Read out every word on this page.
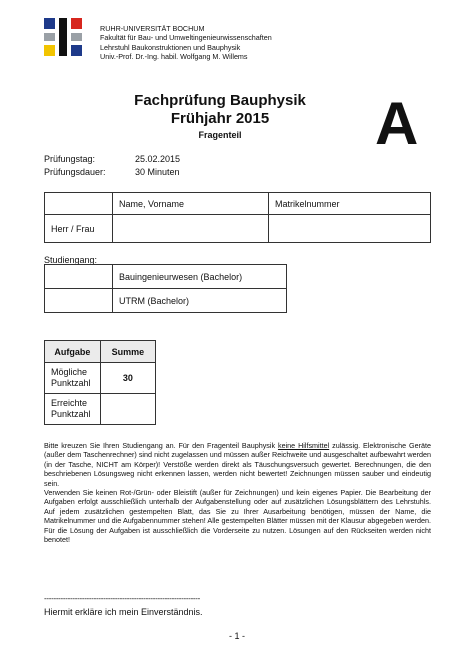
RUHR-UNIVERSITÄT BOCHUM
Fakultät für Bau- und Umweltingenieurwissenschaften
Lehrstuhl Baukonstruktionen und Bauphysik
Univ.-Prof. Dr.-Ing. habil. Wolfgang M. Willems
Fachprüfung Bauphysik
Frühjahr 2015
Fragenteil	A
Prüfungstag:	25.02.2015
Prüfungsdauer:	30 Minuten
	Name, Vorname	Matrikelnummer
Herr / Frau		
Studiengang:
	Bauingenieurwesen (Bachelor)
	UTRM (Bachelor)
Aufgabe	Summe

Mögliche
Punktzahl	30

Erreichte
Punktzahl	

Bitte kreuzen Sie Ihren Studiengang an. Für den Fragenteil Bauphysik keine Hilfsmittel zulässig. Elektronische Geräte (außer dem Taschenrechner) sind nicht zugelassen und müssen außer Reichweite und ausgeschaltet aufbewahrt werden (in der Tasche, NICHT am Körper)! Verstöße werden direkt als Täuschungsversuch gewertet. Berechnungen, die den beschriebenen Lösungsweg nicht erkennen lassen, werden nicht bewertet! Zeichnungen müssen sauber und eindeutig sein.

Verwenden Sie keinen Rot-/Grün- oder Bleistift (außer für Zeichnungen) und kein eigenes Papier. Die Bearbeitung der Aufgaben erfolgt ausschließlich unterhalb der Aufgabenstellung oder auf zusätzlichen Lösungsblättern des Lehrstuhls. Auf jedem zusätzlichen gestempelten Blatt, das Sie zu Ihrer Ausarbeitung benötigen, müssen der Name, die Matrikelnummer und die Aufgabennummer stehen! Alle gestempelten Blätter müssen mit der Klausur abgegeben werden. Für die Lösung der Aufgaben ist ausschließlich die Vorderseite zu nutzen. Lösungen auf den Rückseiten werden nicht benotet!

------------------------------------------------------------------
Hiermit erkläre ich mein Einverständnis.
- 1 -
